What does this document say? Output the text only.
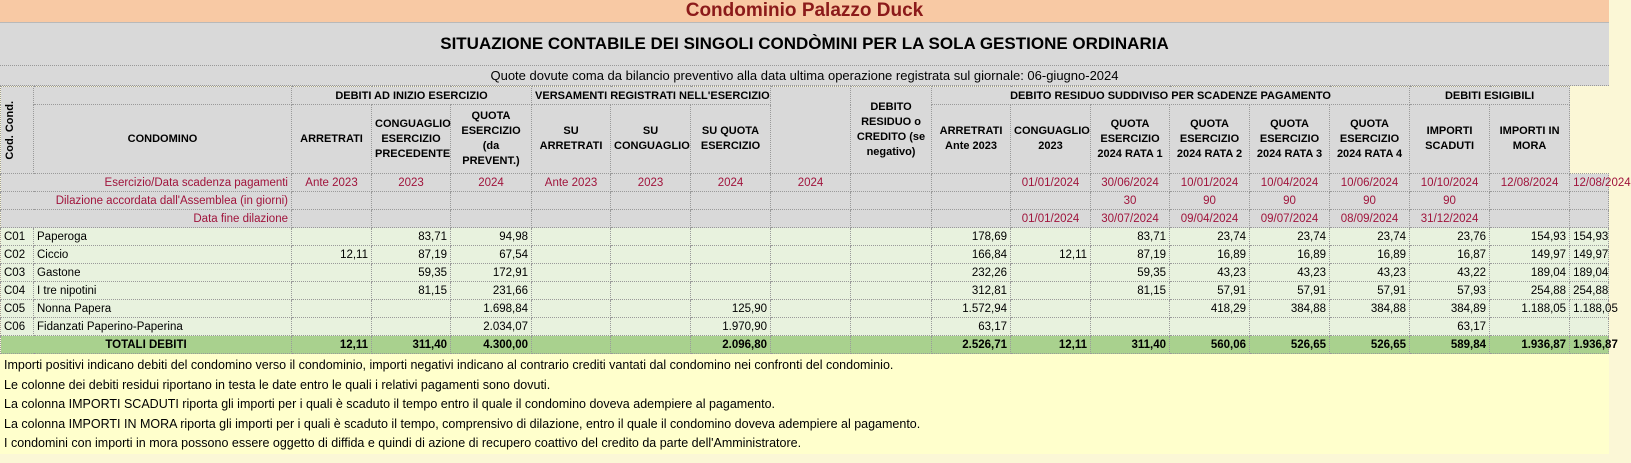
Condominio Palazzo Duck
SITUAZIONE CONTABILE DEI SINGOLI CONDÒMINI PER LA SOLA GESTIONE ORDINARIA
Quote dovute coma da bilancio preventivo alla data ultima operazione registrata sul giornale: 06-giugno-2024
Cod. Cond.		DEBITI AD INIZIO ESERCIZIO			VERSAMENTI REGISTRATI NELL'ESERCIZIO				DEBITO RESIDUO o CREDITO (se negativo)	DEBITO RESIDUO SUDDIVISO PER SCADENZE PAGAMENTO						DEBITI ESIGIBILI		
	CONDOMINO	ARRETRATI	CONGUAGLIO ESERCIZIO PRECEDENTE	QUOTA ESERCIZIO (da PREVENT.)	SU ARRETRATI	SU CONGUAGLIO	SU QUOTA ESERCIZIO			ARRETRATI Ante 2023	CONGUAGLIO 2023	QUOTA ESERCIZIO 2024 RATA 1	QUOTA ESERCIZIO 2024 RATA 2	QUOTA ESERCIZIO 2024 RATA 3	QUOTA ESERCIZIO 2024 RATA 4	IMPORTI SCADUTI	IMPORTI IN MORA	
Esercizio/Data scadenza pagamenti		Ante 2023	2023	2024	Ante 2023	2023	2024	2024			01/01/2024	30/06/2024	10/01/2024	10/04/2024	10/06/2024	10/10/2024	12/08/2024	12/08/2024
Dilazione accordata dall'Assemblea (in giorni)												30	90	90	90	90		
Data fine dilazione											01/01/2024	30/07/2024	09/04/2024	09/07/2024	08/09/2024	31/12/2024		
C01	Paperoga		83,71	94,98						178,69		83,71	23,74	23,74	23,74	23,76	154,93	154,93
C02	Ciccio	12,11	87,19	67,54						166,84	12,11	87,19	16,89	16,89	16,89	16,87	149,97	149,97
C03	Gastone		59,35	172,91						232,26		59,35	43,23	43,23	43,23	43,22	189,04	189,04
C04	I tre nipotini		81,15	231,66						312,81		81,15	57,91	57,91	57,91	57,93	254,88	254,88
C05	Nonna Papera			1.698,84			125,90			1.572,94			418,29	384,88	384,88	384,89	1.188,05	1.188,05
C06	Fidanzati Paperino-Paperina			2.034,07			1.970,90			63,17						63,17		
TOTALI DEBITI		12,11	311,40	4.300,00			2.096,80			2.526,71	12,11	311,40	560,06	526,65	526,65	589,84	1.936,87	1.936,87
Importi positivi indicano debiti del condomino verso il condominio, importi negativi indicano al contrario crediti vantati dal condomino nei confronti del condominio.
Le colonne dei debiti residui riportano in testa le date entro le quali i relativi pagamenti sono dovuti.
La colonna IMPORTI SCADUTI riporta gli importi per i quali è scaduto il tempo entro il quale il condomino doveva adempiere al pagamento.
La colonna IMPORTI IN MORA riporta gli importi per i quali è scaduto il tempo, comprensivo di dilazione, entro il quale il condomino doveva adempiere al pagamento.
I condomini con importi in mora possono essere oggetto di diffida e quindi di azione di recupero coattivo del credito da parte dell'Amministratore.
